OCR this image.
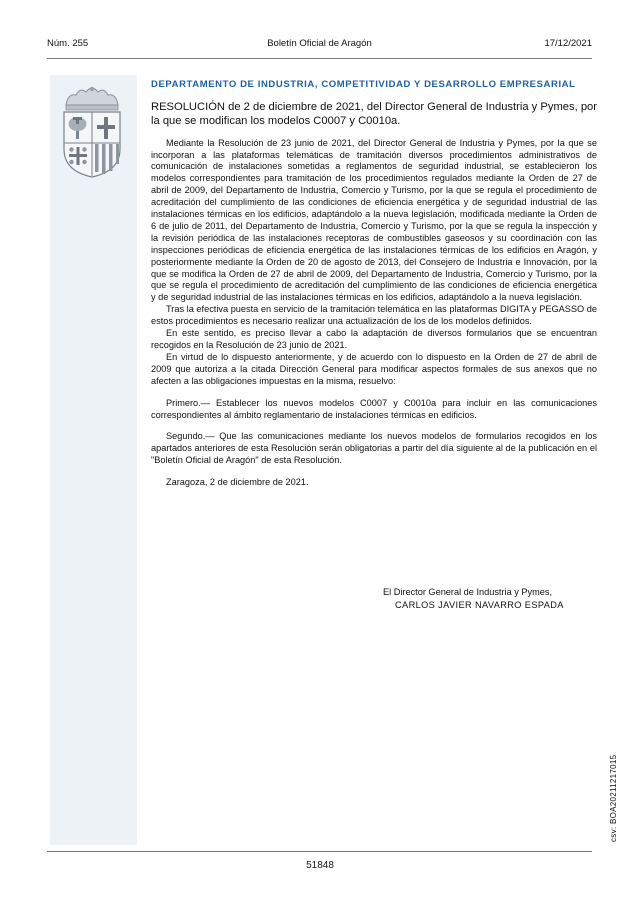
Núm. 255	Boletín Oficial de Aragón	17/12/2021
DEPARTAMENTO DE INDUSTRIA, COMPETITIVIDAD Y DESARROLLO EMPRESARIAL
RESOLUCIÓN de 2 de diciembre de 2021, del Director General de Industria y Pymes, por la que se modifican los modelos C0007 y C0010a.

Mediante la Resolución de 23 junio de 2021, del Director General de Industria y Pymes, por la que se incorporan a las plataformas telemáticas de tramitación diversos procedimientos administrativos de comunicación de instalaciones sometidas a reglamentos de seguridad industrial, se establecieron los modelos correspondientes para tramitación de los procedimientos regulados mediante la Orden de 27 de abril de 2009, del Departamento de Industria, Comercio y Turismo, por la que se regula el procedimiento de acreditación del cumplimiento de las condiciones de eficiencia energética y de seguridad industrial de las instalaciones térmicas en los edificios, adaptándolo a la nueva legislación, modificada mediante la Orden de 6 de julio de 2011, del Departamento de Industria, Comercio y Turismo, por la que se regula la inspección y la revisión periódica de las instalaciones receptoras de combustibles gaseosos y su coordinación con las inspecciones periódicas de eficiencia energética de las instalaciones térmicas de los edificios en Aragón, y posteriormente mediante la Orden de 20 de agosto de 2013, del Consejero de Industria e Innovación, por la que se modifica la Orden de 27 de abril de 2009, del Departamento de Industria, Comercio y Turismo, por la que se regula el procedimiento de acreditación del cumplimiento de las condiciones de eficiencia energética y de seguridad industrial de las instalaciones térmicas en los edificios, adaptándolo a la nueva legislación.

Tras la efectiva puesta en servicio de la tramitación telemática en las plataformas DIGITA y PEGASSO de estos procedimientos es necesario realizar una actualización de los de los modelos definidos.

En este sentido, es preciso llevar a cabo la adaptación de diversos formularios que se encuentran recogidos en la Resolución de 23 junio de 2021.

En virtud de lo dispuesto anteriormente, y de acuerdo con lo dispuesto en la Orden de 27 de abril de 2009 que autoriza a la citada Dirección General para modificar aspectos formales de sus anexos que no afecten a las obligaciones impuestas en la misma, resuelvo:

Primero.— Establecer los nuevos modelos C0007 y C0010a para incluir en las comunicaciones correspondientes al ámbito reglamentario de instalaciones térmicas en edificios.

Segundo.— Que las comunicaciones mediante los nuevos modelos de formularios recogidos en los apartados anteriores de esta Resolución serán obligatorias a partir del día siguiente al de la publicación en el "Boletín Oficial de Aragón" de esta Resolución.

Zaragoza, 2 de diciembre de 2021.

El Director General de Industria y Pymes,
CARLOS JAVIER NAVARRO ESPADA
51848
csv: BOA20211217015
